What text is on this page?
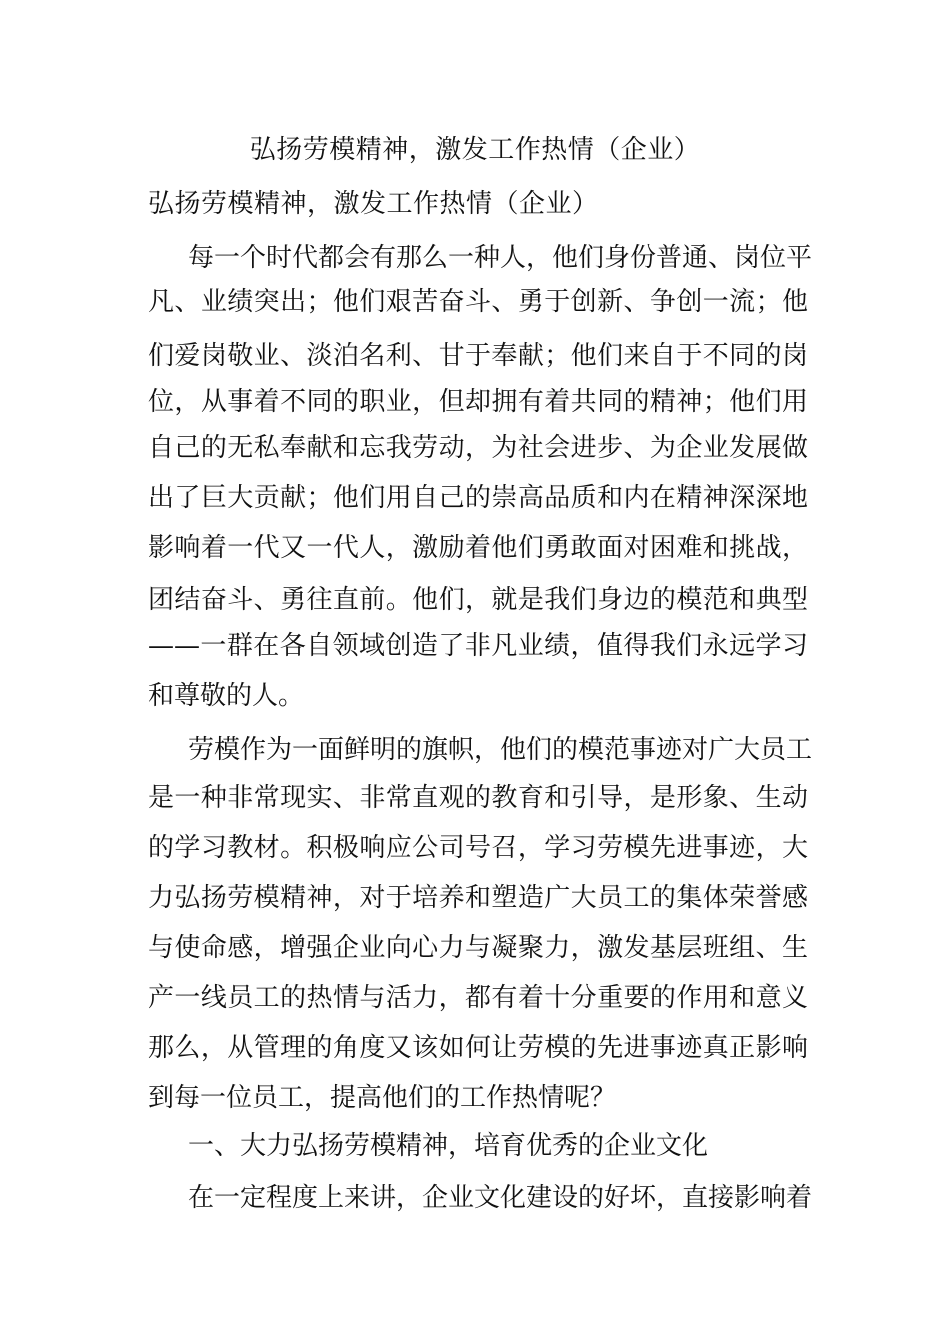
弘扬劳模精神，激发工作热情（企业）
弘扬劳模精神，激发工作热情（企业）
每一个时代都会有那么一种人，他们身份普通、岗位平
凡、业绩突出；他们艰苦奋斗、勇于创新、争创一流；他
们爱岗敬业、淡泊名利、甘于奉献；他们来自于不同的岗
位，从事着不同的职业，但却拥有着共同的精神；他们用
自己的无私奉献和忘我劳动，为社会进步、为企业发展做
出了巨大贡献；他们用自己的崇高品质和内在精神深深地
影响着一代又一代人，激励着他们勇敢面对困难和挑战，
团结奋斗、勇往直前。他们，就是我们身边的模范和典型
——一群在各自领域创造了非凡业绩，值得我们永远学习
和尊敬的人。
劳模作为一面鲜明的旗帜，他们的模范事迹对广大员工
是一种非常现实、非常直观的教育和引导，是形象、生动
的学习教材。积极响应公司号召，学习劳模先进事迹，大
力弘扬劳模精神，对于培养和塑造广大员工的集体荣誉感
与使命感，增强企业向心力与凝聚力，激发基层班组、生
产一线员工的热情与活力，都有着十分重要的作用和意义
那么，从管理的角度又该如何让劳模的先进事迹真正影响
到每一位员工，提高他们的工作热情呢？
一、大力弘扬劳模精神，培育优秀的企业文化
在一定程度上来讲，企业文化建设的好坏，直接影响着
